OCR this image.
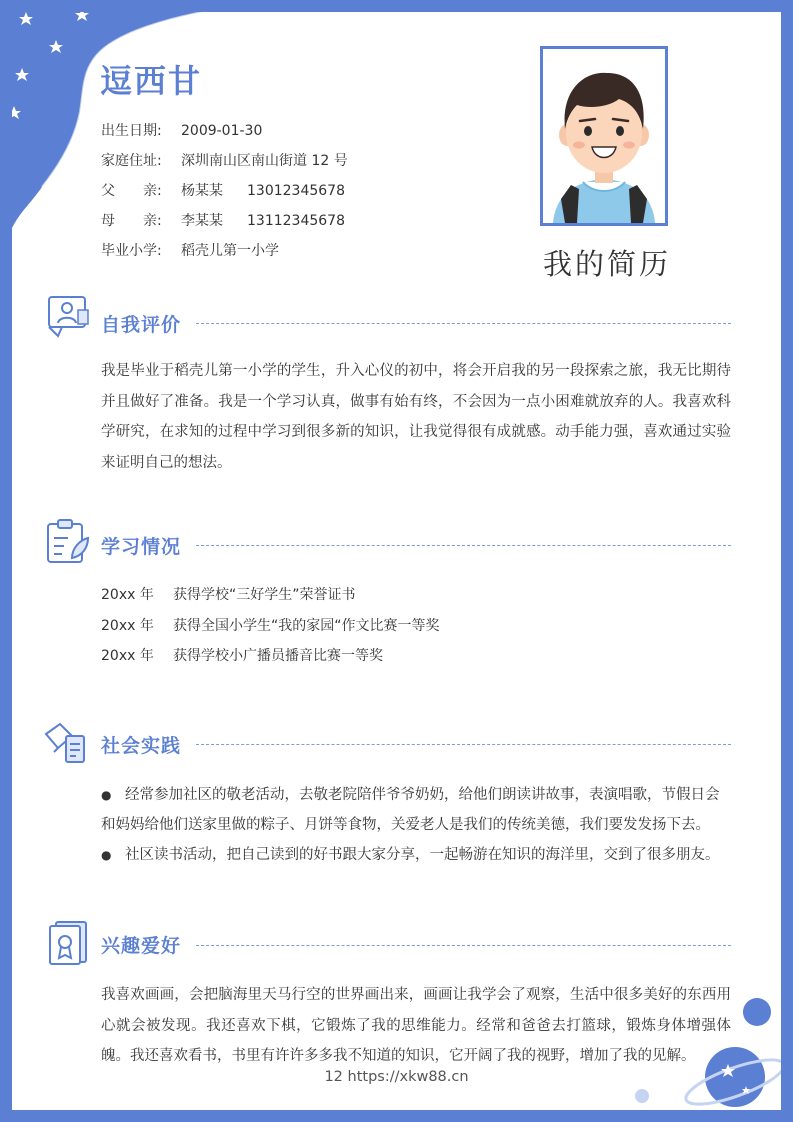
逗西甘
出生日期: 2009-01-30
家庭住址: 深圳南山区南山街道 12 号
父　　亲: 杨某某 13012345678
母　　亲: 李某某 13112345678
毕业小学: 稻壳儿第一小学	我的简历
自我评价
我是毕业于稻壳儿第一小学的学生，升入心仪的初中，将会开启我的另一段探索之旅，我无比期待并且做好了准备。我是一个学习认真，做事有始有终，不会因为一点小困难就放弃的人。我喜欢科学研究，在求知的过程中学习到很多新的知识，让我觉得很有成就感。动手能力强，喜欢通过实验来证明自己的想法。
学习情况
20xx 年 获得学校“三好学生”荣誉证书
20xx 年 获得全国小学生“我的家园“作文比赛一等奖
20xx 年 获得学校小广播员播音比赛一等奖
社会实践
● 经常参加社区的敬老活动，去敬老院陪伴爷爷奶奶，给他们朗读讲故事，表演唱歌，节假日会和妈妈给他们送家里做的粽子、月饼等食物，关爱老人是我们的传统美德，我们要发发扬下去。
● 社区读书活动，把自己读到的好书跟大家分享，一起畅游在知识的海洋里，交到了很多朋友。
兴趣爱好
我喜欢画画，会把脑海里天马行空的世界画出来，画画让我学会了观察，生活中很多美好的东西用心就会被发现。我还喜欢下棋，它锻炼了我的思维能力。经常和爸爸去打篮球，锻炼身体增强体魄。我还喜欢看书，书里有许许多多我不知道的知识，它开阔了我的视野，增加了我的见解。
12 https://xkw88.cn
